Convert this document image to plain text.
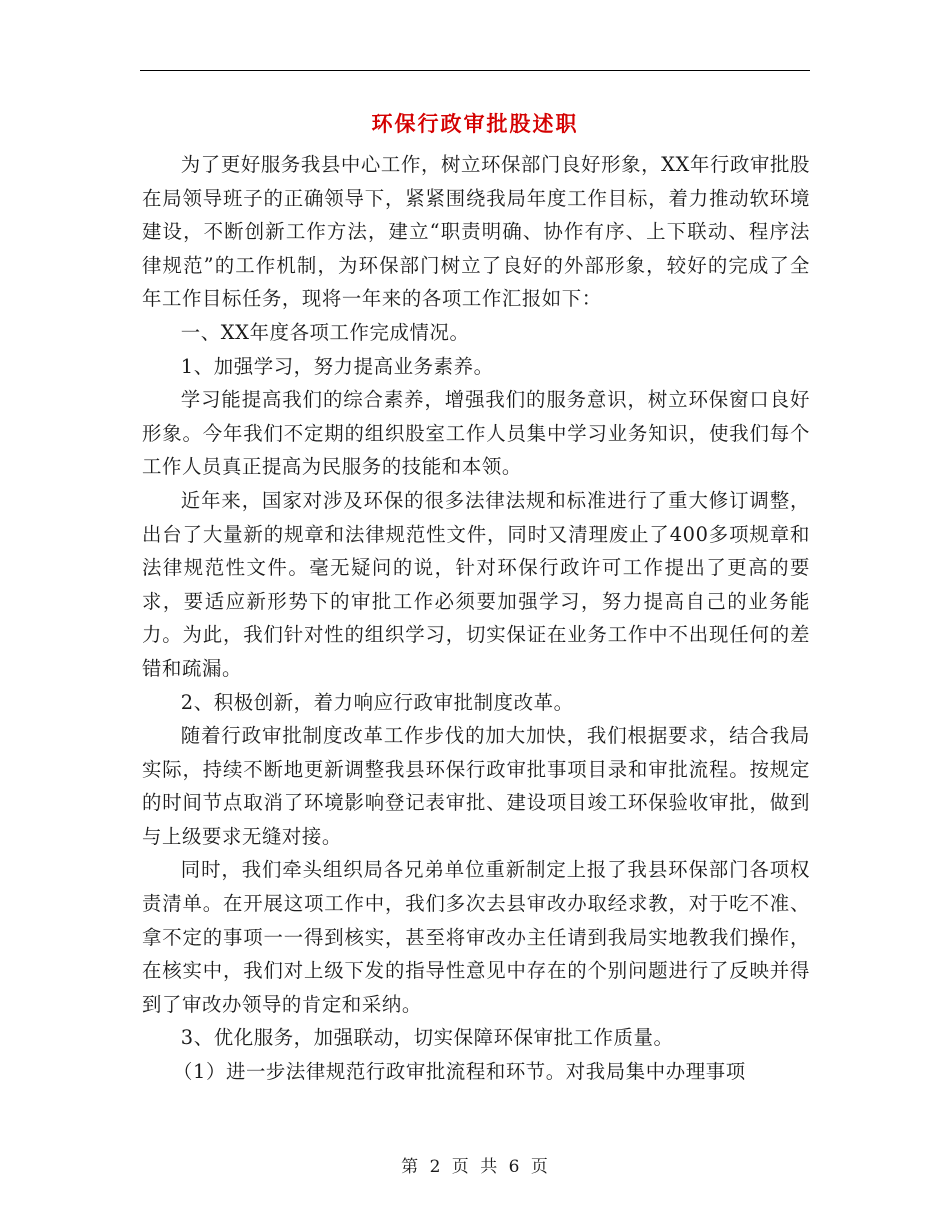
环保行政审批股述职

为了更好服务我县中心工作，树立环保部门良好形象，XX年行政审批股在局领导班子的正确领导下，紧紧围绕我局年度工作目标，着力推动软环境建设，不断创新工作方法，建立“职责明确、协作有序、上下联动、程序法律规范”的工作机制，为环保部门树立了良好的外部形象，较好的完成了全年工作目标任务，现将一年来的各项工作汇报如下：

一、XX年度各项工作完成情况。

1、加强学习，努力提高业务素养。

学习能提高我们的综合素养，增强我们的服务意识，树立环保窗口良好形象。今年我们不定期的组织股室工作人员集中学习业务知识，使我们每个工作人员真正提高为民服务的技能和本领。

近年来，国家对涉及环保的很多法律法规和标准进行了重大修订调整，出台了大量新的规章和法律规范性文件，同时又清理废止了400多项规章和法律规范性文件。毫无疑问的说，针对环保行政许可工作提出了更高的要求，要适应新形势下的审批工作必须要加强学习，努力提高自己的业务能力。为此，我们针对性的组织学习，切实保证在业务工作中不出现任何的差错和疏漏。

2、积极创新，着力响应行政审批制度改革。

随着行政审批制度改革工作步伐的加大加快，我们根据要求，结合我局实际，持续不断地更新调整我县环保行政审批事项目录和审批流程。按规定的时间节点取消了环境影响登记表审批、建设项目竣工环保验收审批，做到与上级要求无缝对接。

同时，我们牵头组织局各兄弟单位重新制定上报了我县环保部门各项权责清单。在开展这项工作中，我们多次去县审改办取经求教，对于吃不准、拿不定的事项一一得到核实，甚至将审改办主任请到我局实地教我们操作，在核实中，我们对上级下发的指导性意见中存在的个别问题进行了反映并得到了审改办领导的肯定和采纳。

3、优化服务，加强联动，切实保障环保审批工作质量。

（1）进一步法律规范行政审批流程和环节。对我局集中办理事项

第 2 页 共 6 页
